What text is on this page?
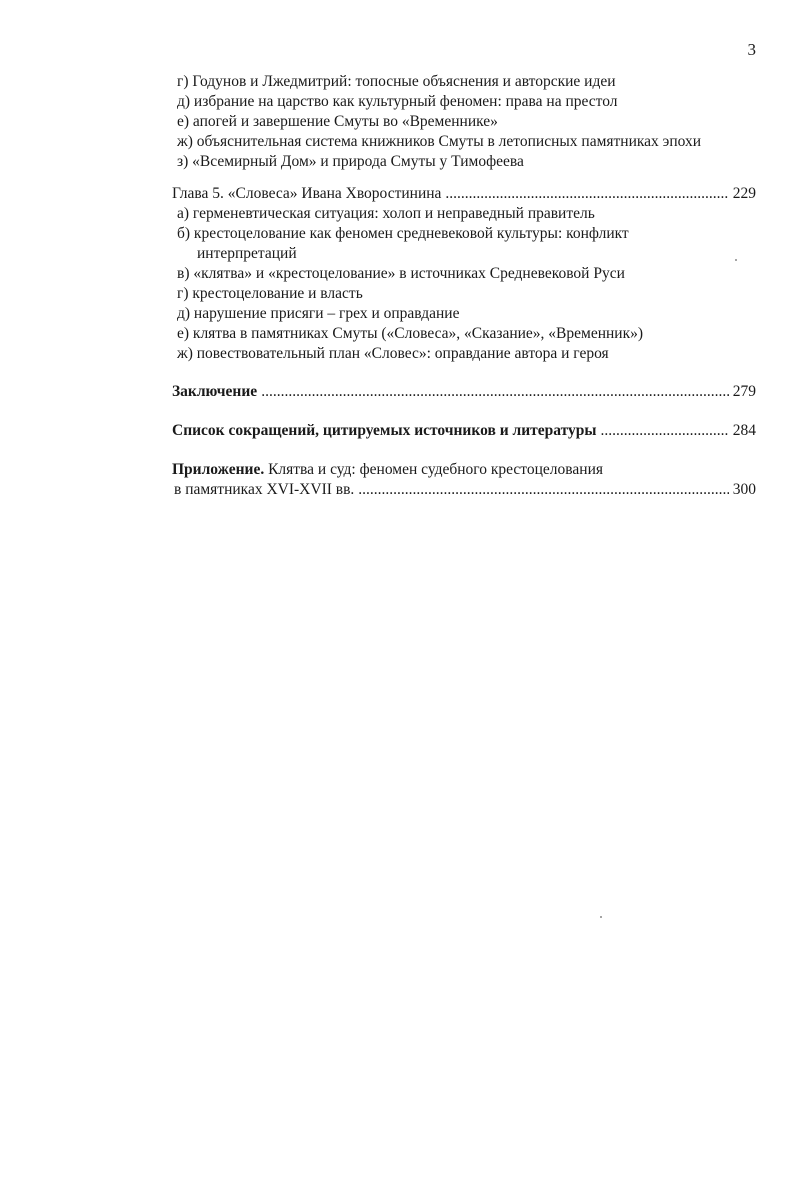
3
г) Годунов и Лжедмитрий: топосные объяснения и авторские идеи
д) избрание на царство как культурный феномен: права на престол
е) апогей и завершение Смуты во «Временнике»
ж) объяснительная система книжников Смуты в летописных памятниках эпохи
з) «Всемирный Дом» и природа Смуты у Тимофеева
Глава 5. «Словеса» Ивана Хворостинина .....	229
а) герменевтическая ситуация: холоп и неправедный правитель
б) крестоцелование как феномен средневековой культуры: конфликт
интерпретаций
в) «клятва» и «крестоцелование» в источниках Средневековой Руси
г) крестоцелование и власть
д) нарушение присяги – грех и оправдание
е) клятва в памятниках Смуты («Словеса», «Сказание», «Временник»)
ж) повествовательный план «Словес»: оправдание автора и героя
Заключение .....	279
Список сокращений, цитируемых источников и литературы .....	284
Приложение. Клятва и суд: феномен судебного крестоцелования
в памятниках XVI-XVII вв. .....	300
